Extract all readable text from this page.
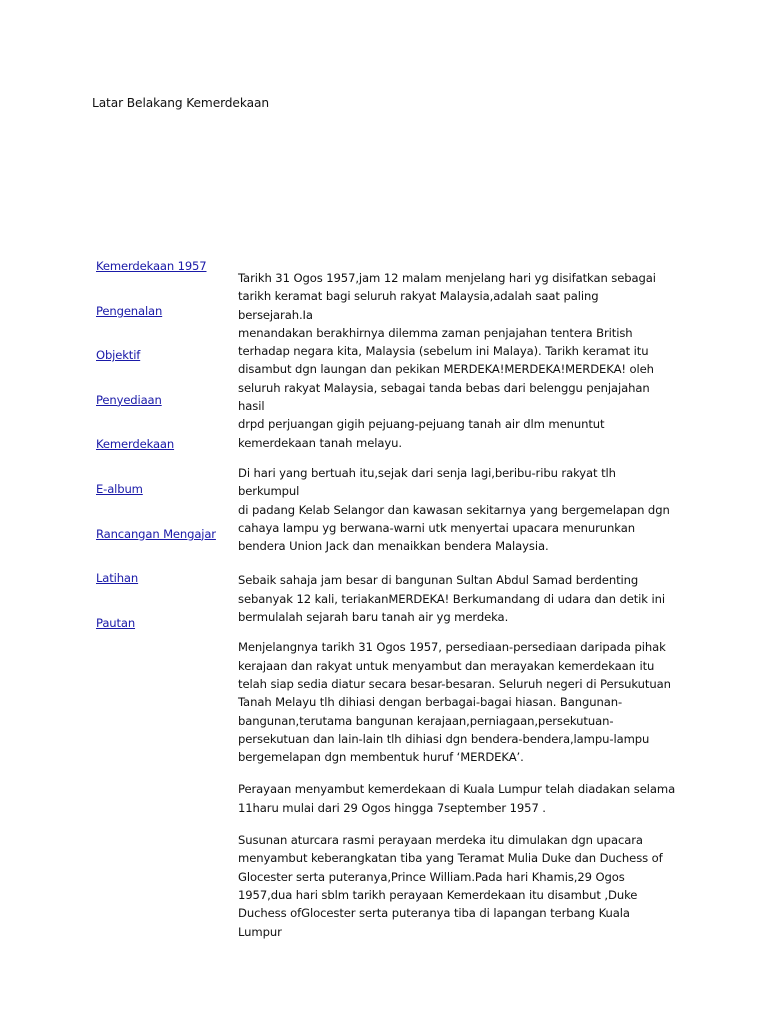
Latar Belakang Kemerdekaan
Kemerdekaan 1957
Pengenalan
Objektif
Penyediaan
Kemerdekaan
E-album
Rancangan Mengajar
Latihan
Pautan

Tarikh 31 Ogos 1957,jam 12 malam menjelang hari yg disifatkan sebagai
tarikh keramat bagi seluruh rakyat Malaysia,adalah saat paling bersejarah.Ia
menandakan berakhirnya dilemma zaman penjajahan tentera British
terhadap negara kita, Malaysia (sebelum ini Malaya). Tarikh keramat itu
disambut dgn laungan dan pekikan MERDEKA!MERDEKA!MERDEKA! oleh
seluruh rakyat Malaysia, sebagai tanda bebas dari belenggu penjajahan hasil
drpd perjuangan gigih pejuang-pejuang tanah air dlm menuntut
kemerdekaan tanah melayu.

Di hari yang bertuah itu,sejak dari senja lagi,beribu-ribu rakyat tlh berkumpul
di padang Kelab Selangor dan kawasan sekitarnya yang bergemelapan dgn
cahaya lampu yg berwana-warni utk menyertai upacara menurunkan
bendera Union Jack dan menaikkan bendera Malaysia.

Sebaik sahaja jam besar di bangunan Sultan Abdul Samad berdenting
sebanyak 12 kali, teriakanMERDEKA! Berkumandang di udara dan detik ini
bermulalah sejarah baru tanah air yg merdeka.

Menjelangnya tarikh 31 Ogos 1957, persediaan-persediaan daripada pihak
kerajaan dan rakyat untuk menyambut dan merayakan kemerdekaan itu
telah siap sedia diatur secara besar-besaran. Seluruh negeri di Persukutuan
Tanah Melayu tlh dihiasi dengan berbagai-bagai hiasan. Bangunan-
bangunan,terutama bangunan kerajaan,perniagaan,persekutuan-
persekutuan dan lain-lain tlh dihiasi dgn bendera-bendera,lampu-lampu
bergemelapan dgn membentuk huruf ‘MERDEKA’.

Perayaan menyambut kemerdekaan di Kuala Lumpur telah diadakan selama
11haru mulai dari 29 Ogos hingga 7september 1957 .

Susunan aturcara rasmi perayaan merdeka itu dimulakan dgn upacara
menyambut keberangkatan tiba yang Teramat Mulia Duke dan Duchess of
Glocester serta puteranya,Prince William.Pada hari Khamis,29 Ogos
1957,dua hari sblm tarikh perayaan Kemerdekaan itu disambut ,Duke
Duchess ofGlocester serta puteranya tiba di lapangan terbang Kuala Lumpur
